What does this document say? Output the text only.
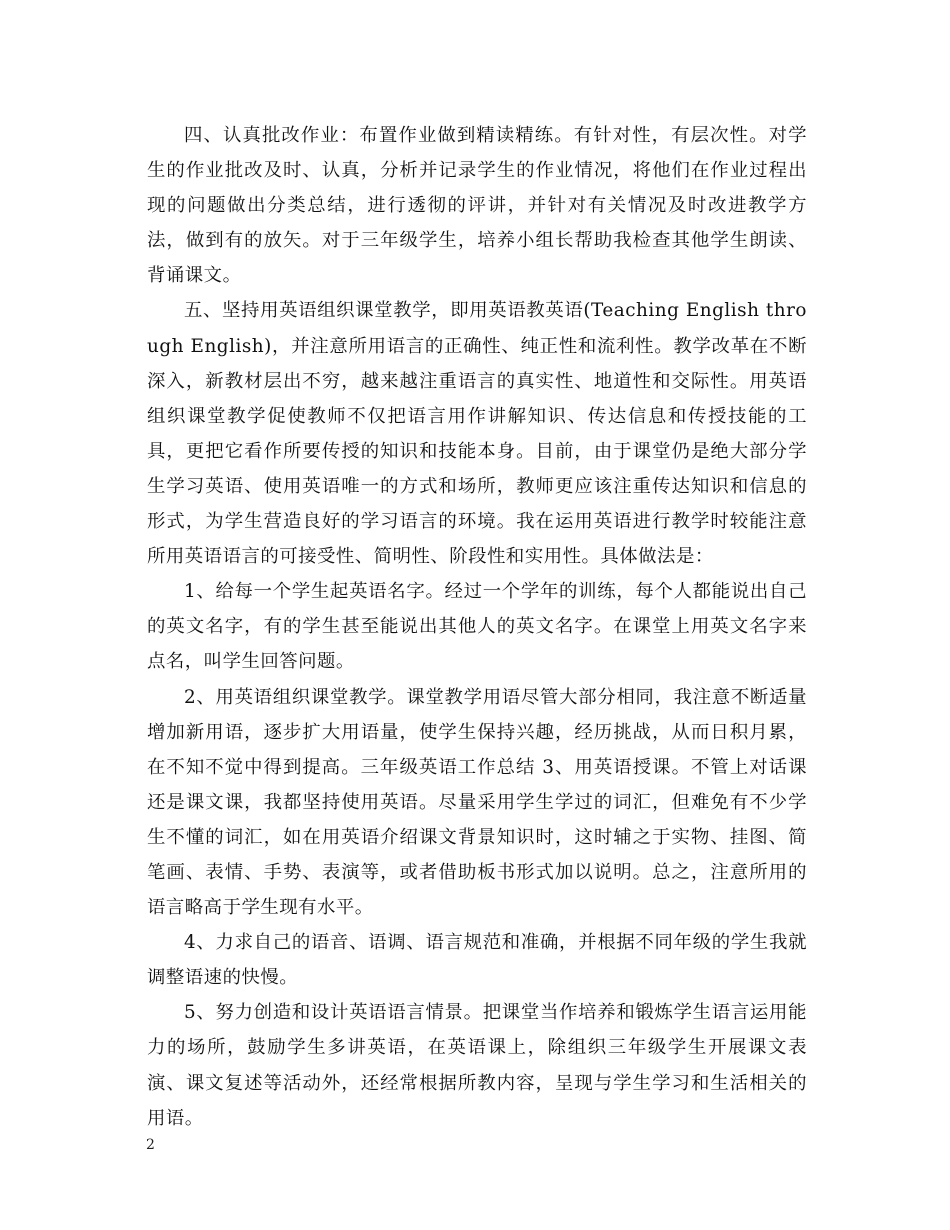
四、认真批改作业：布置作业做到精读精练。有针对性，有层次性。对学生的作业批改及时、认真，分析并记录学生的作业情况，将他们在作业过程出现的问题做出分类总结，进行透彻的评讲，并针对有关情况及时改进教学方法，做到有的放矢。对于三年级学生，培养小组长帮助我检查其他学生朗读、背诵课文。

五、坚持用英语组织课堂教学，即用英语教英语(Teaching English through English)，并注意所用语言的正确性、纯正性和流利性。教学改革在不断深入，新教材层出不穷，越来越注重语言的真实性、地道性和交际性。用英语组织课堂教学促使教师不仅把语言用作讲解知识、传达信息和传授技能的工具，更把它看作所要传授的知识和技能本身。目前，由于课堂仍是绝大部分学生学习英语、使用英语唯一的方式和场所，教师更应该注重传达知识和信息的形式，为学生营造良好的学习语言的环境。我在运用英语进行教学时较能注意所用英语语言的可接受性、简明性、阶段性和实用性。具体做法是：

1、给每一个学生起英语名字。经过一个学年的训练，每个人都能说出自己的英文名字，有的学生甚至能说出其他人的英文名字。在课堂上用英文名字来点名，叫学生回答问题。

2、用英语组织课堂教学。课堂教学用语尽管大部分相同，我注意不断适量增加新用语，逐步扩大用语量，使学生保持兴趣，经历挑战，从而日积月累，在不知不觉中得到提高。三年级英语工作总结 3、用英语授课。不管上对话课还是课文课，我都坚持使用英语。尽量采用学生学过的词汇，但难免有不少学生不懂的词汇，如在用英语介绍课文背景知识时，这时辅之于实物、挂图、简笔画、表情、手势、表演等，或者借助板书形式加以说明。总之，注意所用的语言略高于学生现有水平。

4、力求自己的语音、语调、语言规范和准确，并根据不同年级的学生我就调整语速的快慢。

5、努力创造和设计英语语言情景。把课堂当作培养和锻炼学生语言运用能力的场所，鼓励学生多讲英语，在英语课上，除组织三年级学生开展课文表演、课文复述等活动外，还经常根据所教内容，呈现与学生学习和生活相关的用语。

2
